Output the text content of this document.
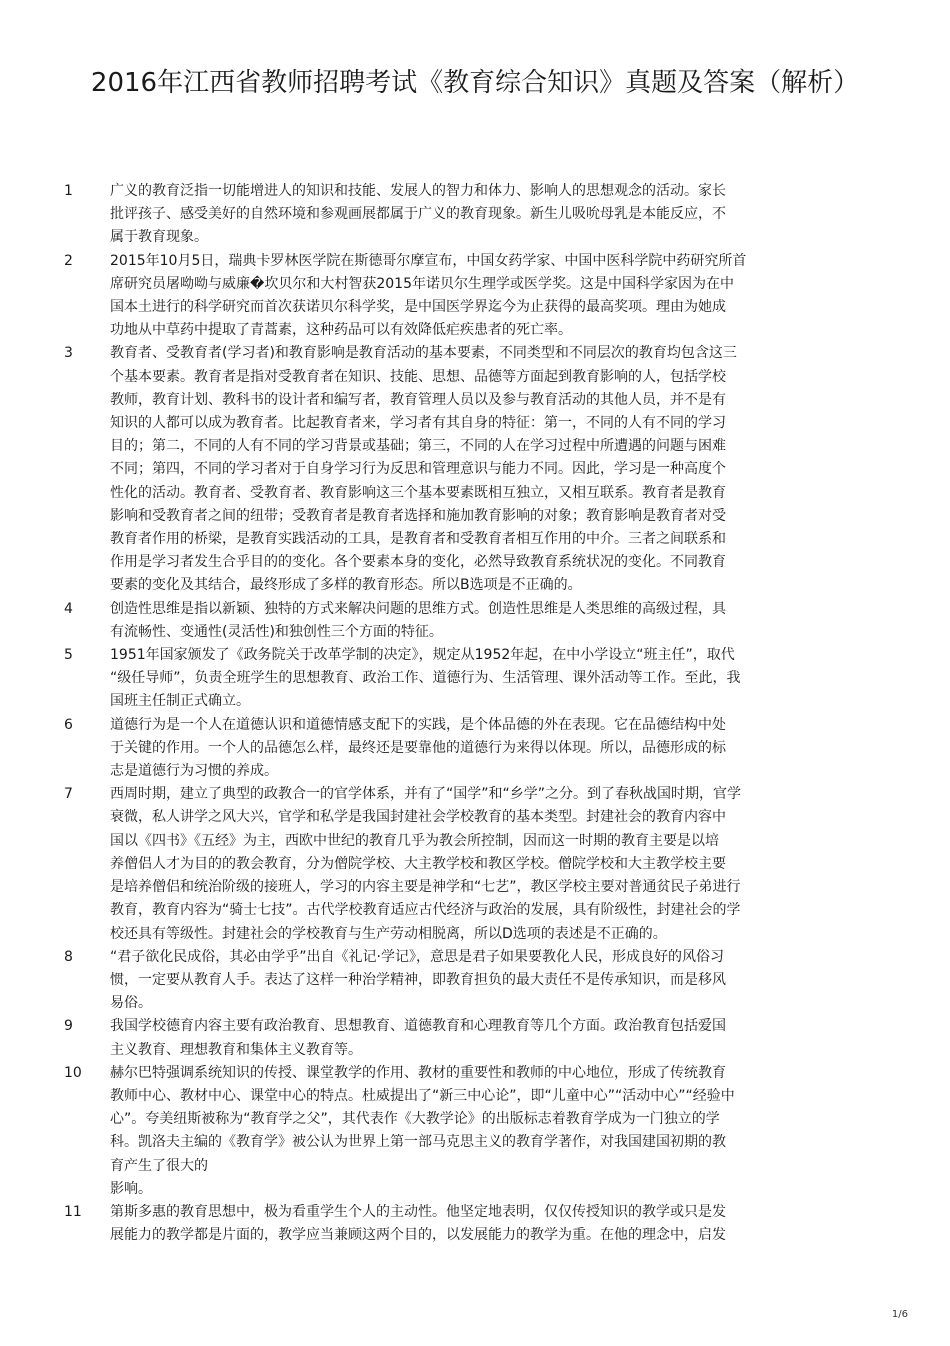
2016年江西省教师招聘考试《教育综合知识》真题及答案（解析）
1	广义的教育泛指一切能增进人的知识和技能、发展人的智力和体力、影响人的思想观念的活动。家长
批评孩子、感受美好的自然环境和参观画展都属于广义的教育现象。新生儿吸吮母乳是本能反应，不
属于教育现象。
2	2015年10月5日，瑞典卡罗林医学院在斯德哥尔摩宣布，中国女药学家、中国中医科学院中药研究所首
席研究员屠呦呦与威廉�坎贝尔和大村智获2015年诺贝尔生理学或医学奖。这是中国科学家因为在中
国本土进行的科学研究而首次获诺贝尔科学奖，是中国医学界迄今为止获得的最高奖项。理由为她成
功地从中草药中提取了青蒿素，这种药品可以有效降低疟疾患者的死亡率。
3	教育者、受教育者(学习者)和教育影响是教育活动的基本要素，不同类型和不同层次的教育均包含这三
个基本要素。教育者是指对受教育者在知识、技能、思想、品德等方面起到教育影响的人，包括学校
教师，教育计划、教科书的设计者和编写者，教育管理人员以及参与教育活动的其他人员，并不是有
知识的人都可以成为教育者。比起教育者来，学习者有其自身的特征：第一，不同的人有不同的学习
目的；第二，不同的人有不同的学习背景或基础；第三，不同的人在学习过程中所遭遇的问题与困难
不同；第四，不同的学习者对于自身学习行为反思和管理意识与能力不同。因此，学习是一种高度个
性化的活动。教育者、受教育者、教育影响这三个基本要素既相互独立，又相互联系。教育者是教育
影响和受教育者之间的纽带；受教育者是教育者选择和施加教育影响的对象；教育影响是教育者对受
教育者作用的桥梁，是教育实践活动的工具，是教育者和受教育者相互作用的中介。三者之间联系和
作用是学习者发生合乎目的的变化。各个要素本身的变化，必然导致教育系统状况的变化。不同教育
要素的变化及其结合，最终形成了多样的教育形态。所以B选项是不正确的。
4	创造性思维是指以新颖、独特的方式来解决问题的思维方式。创造性思维是人类思维的高级过程，具
有流畅性、变通性(灵活性)和独创性三个方面的特征。
5	1951年国家颁发了《政务院关于改革学制的决定》，规定从1952年起，在中小学设立“班主任”，取代
“级任导师”，负责全班学生的思想教育、政治工作、道德行为、生活管理、课外活动等工作。至此，我
国班主任制正式确立。
6	道德行为是一个人在道德认识和道德情感支配下的实践，是个体品德的外在表现。它在品德结构中处
于关键的作用。一个人的品德怎么样，最终还是要靠他的道德行为来得以体现。所以，品德形成的标
志是道德行为习惯的养成。
7	西周时期，建立了典型的政教合一的官学体系，并有了“国学”和“乡学”之分。到了春秋战国时期，官学
衰微，私人讲学之风大兴，官学和私学是我国封建社会学校教育的基本类型。封建社会的教育内容中
国以《四书》《五经》为主，西欧中世纪的教育几乎为教会所控制，因而这一时期的教育主要是以培
养僧侣人才为目的的教会教育，分为僧院学校、大主教学校和教区学校。僧院学校和大主教学校主要
是培养僧侣和统治阶级的接班人，学习的内容主要是神学和“七艺”，教区学校主要对普通贫民子弟进行
教育，教育内容为“骑士七技”。古代学校教育适应古代经济与政治的发展，具有阶级性，封建社会的学
校还具有等级性。封建社会的学校教育与生产劳动相脱离，所以D选项的表述是不正确的。
8	“君子欲化民成俗，其必由学乎”出自《礼记·学记》，意思是君子如果要教化人民，形成良好的风俗习
惯，一定要从教育人手。表达了这样一种治学精神，即教育担负的最大责任不是传承知识，而是移风
易俗。
9	我国学校德育内容主要有政治教育、思想教育、道德教育和心理教育等几个方面。政治教育包括爱国
主义教育、理想教育和集体主义教育等。
10	赫尔巴特强调系统知识的传授、课堂教学的作用、教材的重要性和教师的中心地位，形成了传统教育
教师中心、教材中心、课堂中心的特点。杜威提出了“新三中心论”，即“儿童中心”“活动中心”“经验中
心”。夸美纽斯被称为“教育学之父”，其代表作《大教学论》的出版标志着教育学成为一门独立的学
科。凯洛夫主编的《教育学》被公认为世界上第一部马克思主义的教育学著作，对我国建国初期的教
育产生了很大的
影响。
11	第斯多惠的教育思想中，极为看重学生个人的主动性。他坚定地表明，仅仅传授知识的教学或只是发
展能力的教学都是片面的，教学应当兼顾这两个目的，以发展能力的教学为重。在他的理念中，启发
1/6
